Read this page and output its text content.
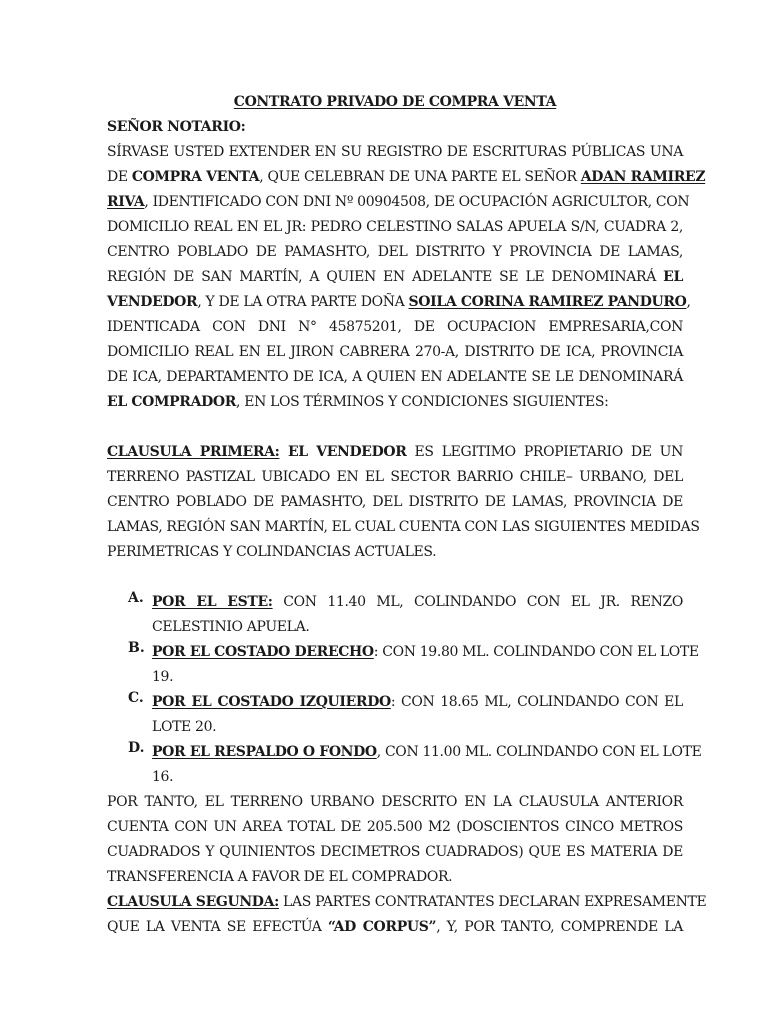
CONTRATO PRIVADO DE COMPRA VENTA
SEÑOR NOTARIO:
SÍRVASE USTED EXTENDER EN SU REGISTRO DE ESCRITURAS PÚBLICAS UNA
DE COMPRA VENTA, QUE CELEBRAN DE UNA PARTE EL SEÑOR ADAN RAMIREZ
RIVA, IDENTIFICADO CON DNI Nº 00904508, DE OCUPACIÓN AGRICULTOR, CON
DOMICILIO REAL EN EL JR: PEDRO CELESTINO SALAS APUELA S/N, CUADRA 2,
CENTRO POBLADO DE PAMASHTO, DEL DISTRITO Y PROVINCIA DE LAMAS,
REGIÓN DE SAN MARTÍN, A QUIEN EN ADELANTE SE LE DENOMINARÁ EL
VENDEDOR, Y DE LA OTRA PARTE DOÑA SOILA CORINA RAMIREZ PANDURO,
IDENTICADA CON DNI N° 45875201, DE OCUPACION EMPRESARIA,CON
DOMICILIO REAL EN EL JIRON CABRERA 270-A, DISTRITO DE ICA, PROVINCIA
DE ICA, DEPARTAMENTO DE ICA, A QUIEN EN ADELANTE SE LE DENOMINARÁ
EL COMPRADOR, EN LOS TÉRMINOS Y CONDICIONES SIGUIENTES:
CLAUSULA PRIMERA: EL VENDEDOR ES LEGITIMO PROPIETARIO DE UN
TERRENO PASTIZAL UBICADO EN EL SECTOR BARRIO CHILE– URBANO, DEL
CENTRO POBLADO DE PAMASHTO, DEL DISTRITO DE LAMAS, PROVINCIA DE
LAMAS, REGIÓN SAN MARTÍN, EL CUAL CUENTA CON LAS SIGUIENTES MEDIDAS
PERIMETRICAS Y COLINDANCIAS ACTUALES.
A. POR EL ESTE: CON 11.40 ML, COLINDANDO CON EL JR. RENZO
CELESTINIO APUELA.
B. POR EL COSTADO DERECHO: CON 19.80 ML. COLINDANDO CON EL LOTE
19.
C. POR EL COSTADO IZQUIERDO: CON 18.65 ML, COLINDANDO CON EL
LOTE 20.
D. POR EL RESPALDO O FONDO, CON 11.00 ML. COLINDANDO CON EL LOTE
16.
POR TANTO, EL TERRENO URBANO DESCRITO EN LA CLAUSULA ANTERIOR
CUENTA CON UN AREA TOTAL DE 205.500 M2 (DOSCIENTOS CINCO METROS
CUADRADOS Y QUINIENTOS DECIMETROS CUADRADOS) QUE ES MATERIA DE
TRANSFERENCIA A FAVOR DE EL COMPRADOR.
CLAUSULA SEGUNDA: LAS PARTES CONTRATANTES DECLARAN EXPRESAMENTE
QUE LA VENTA SE EFECTÚA “AD CORPUS”, Y, POR TANTO, COMPRENDE LA
